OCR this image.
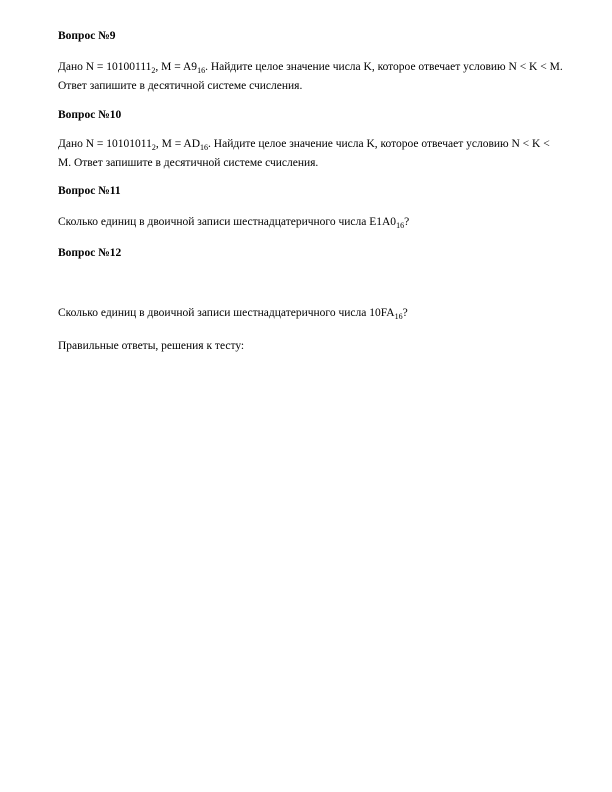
Вопрос №9
Дано $N = 10100111_2$, $M = A9_{16}$. Найдите целое значение числа K, которое отвечает условию N < K < M.
Ответ запишите в десятичной системе счисления.
Вопрос №10
Дано $N = 10101011_2$, $M = AD_{16}$. Найдите целое значение числа K, которое отвечает условию N < K <
M. Ответ запишите в десятичной системе счисления.
Вопрос №11
Сколько единиц в двоичной записи шестнадцатеричного числа $E1A0_{16}$?
Вопрос №12
Сколько единиц в двоичной записи шестнадцатеричного числа $10FA_{16}$?
Правильные ответы, решения к тесту:
